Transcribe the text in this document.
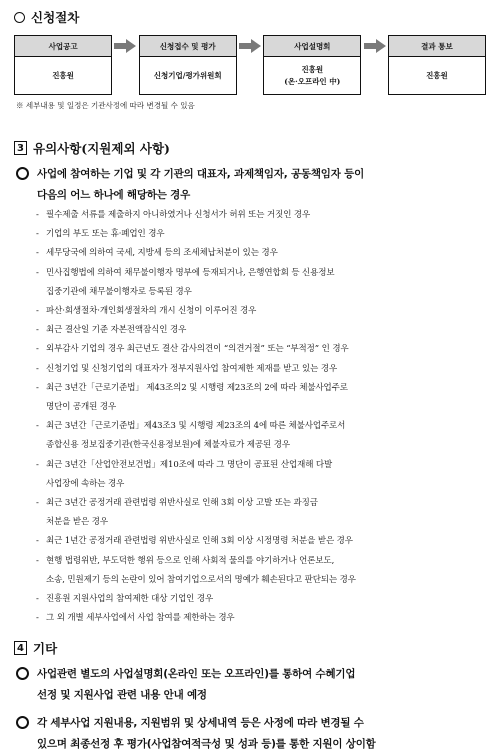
신청절차
사업공고
진흥원
신청접수 및 평가
신청기업/평가위원회
사업설명회
진흥원
(온·오프라인 中)
결과 통보
진흥원
※ 세부내용 및 일정은 기관사정에 따라 변경될 수 있음
3 유의사항(지원제외 사항)
사업에 참여하는 기업 및 각 기관의 대표자, 과제책임자, 공동책임자 등이
다음의 어느 하나에 해당하는 경우
- 필수제출 서류를 제출하지 아니하였거나 신청서가 허위 또는 거짓인 경우
- 기업의 부도 또는 휴·폐업인 경우
- 세무당국에 의하여 국세, 지방세 등의 조세체납처분이 있는 경우
- 민사집행법에 의하여 채무불이행자 명부에 등재되거나, 은행연합회 등 신용정보
집중기관에 채무불이행자로 등록된 경우
- 파산·회생절차·개인회생절차의 개시 신청이 이루어진 경우
- 최근 결산일 기준 자본전액잠식인 경우
- 외부감사 기업의 경우 최근년도 결산 감사의견이 “의견거절” 또는 “부적정” 인 경우
- 신청기업 및 신청기업의 대표자가 정부지원사업 참여제한 제재를 받고 있는 경우
- 최근 3년간「근로기준법」 제43조의2 및 시행령 제23조의 2에 따라 체불사업주로
명단이 공개된 경우
- 최근 3년간「근로기준법」제43조3 및 시행령 제23조의 4에 따른 체불사업주로서
종합신용 정보집중기관(한국신용정보원)에 체불자료가 제공된 경우
- 최근 3년간「산업안전보건법」제10조에 따라 그 명단이 공표된 산업재해 다발
사업장에 속하는 경우
- 최근 3년간 공정거래 관련법령 위반사실로 인해 3회 이상 고발 또는 과징금
처분을 받은 경우
- 최근 1년간 공정거래 관련법령 위반사실로 인해 3회 이상 시정명령 처분을 받은 경우
- 현행 법령위반, 부도덕한 행위 등으로 인해 사회적 물의를 야기하거나 언론보도,
소송, 민원제기 등의 논란이 있어 참여기업으로서의 명예가 훼손된다고 판단되는 경우
- 진흥원 지원사업의 참여제한 대상 기업인 경우
- 그 외 개별 세부사업에서 사업 참여를 제한하는 경우
4 기타
사업관련 별도의 사업설명회(온라인 또는 오프라인)를 통하여 수혜기업
선정 및 지원사업 관련 내용 안내 예정
각 세부사업 지원내용, 지원범위 및 상세내역 등은 사정에 따라 변경될 수
있으며 최종선정 후 평가(사업참여적극성 및 성과 등)를 통한 지원이 상이함
